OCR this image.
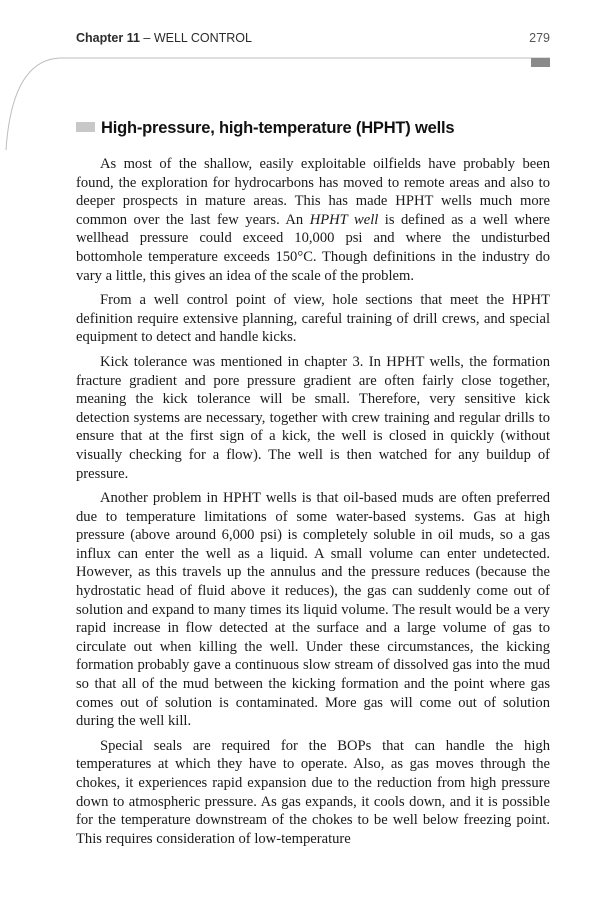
Chapter 11 – WELL CONTROL	279
High-pressure, high-temperature (HPHT) wells

As most of the shallow, easily exploitable oilfields have probably been found, the exploration for hydrocarbons has moved to remote areas and also to deeper prospects in mature areas. This has made HPHT wells much more common over the last few years. An HPHT well is defined as a well where wellhead pressure could exceed 10,000 psi and where the undisturbed bottomhole temperature exceeds 150°C. Though definitions in the industry do vary a little, this gives an idea of the scale of the problem.

From a well control point of view, hole sections that meet the HPHT definition require extensive planning, careful training of drill crews, and special equipment to detect and handle kicks.

Kick tolerance was mentioned in chapter 3. In HPHT wells, the formation fracture gradient and pore pressure gradient are often fairly close together, meaning the kick tolerance will be small. Therefore, very sensitive kick detection systems are necessary, together with crew training and regular drills to ensure that at the first sign of a kick, the well is closed in quickly (without visually checking for a flow). The well is then watched for any buildup of pressure.

Another problem in HPHT wells is that oil-based muds are often preferred due to temperature limitations of some water-based systems. Gas at high pressure (above around 6,000 psi) is completely soluble in oil muds, so a gas influx can enter the well as a liquid. A small volume can enter undetected. However, as this travels up the annulus and the pressure reduces (because the hydrostatic head of fluid above it reduces), the gas can suddenly come out of solution and expand to many times its liquid volume. The result would be a very rapid increase in flow detected at the surface and a large volume of gas to circulate out when killing the well. Under these circumstances, the kicking formation probably gave a continuous slow stream of dissolved gas into the mud so that all of the mud between the kicking formation and the point where gas comes out of solution is contaminated. More gas will come out of solution during the well kill.

Special seals are required for the BOPs that can handle the high temperatures at which they have to operate. Also, as gas moves through the chokes, it experiences rapid expansion due to the reduction from high pressure down to atmospheric pressure. As gas expands, it cools down, and it is possible for the temperature downstream of the chokes to be well below freezing point. This requires consideration of low-temperature
